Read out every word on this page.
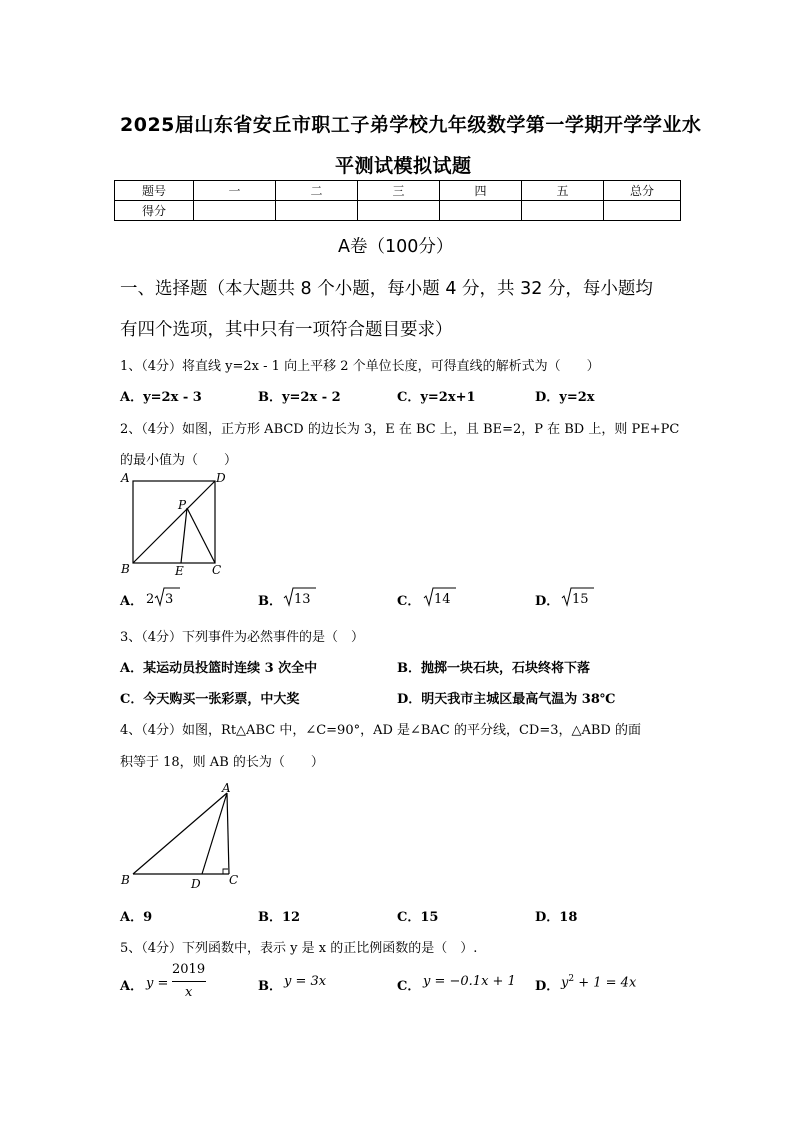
2025届山东省安丘市职工子弟学校九年级数学第一学期开学学业水
平测试模拟试题
题号	一	二	三	四	五	总分
得分						
A卷（100分）
一、选择题（本大题共 8 个小题，每小题 4 分，共 32 分，每小题均
有四个选项，其中只有一项符合题目要求）
1、（4分）将直线 y=2x - 1 向上平移 2 个单位长度，可得直线的解析式为（　　）
A．y=2x - 3	B．y=2x - 2	C．y=2x+1	D．y=2x
2、（4分）如图，正方形 ABCD 的边长为 3，E 在 BC 上，且 BE=2，P 在 BD 上，则 PE+PC
的最小值为（　　）
A	D
P
B	E C
A． 2 3	B． 13	C． 14	D． 15
3、（4分）下列事件为必然事件的是（　）
A．某运动员投篮时连续 3 次全中	B．抛掷一块石块，石块终将下落
C．今天购买一张彩票，中大奖	D．明天我市主城区最高气温为 38℃
4、（4分）如图，Rt△ABC 中，∠C=90°，AD 是∠BAC 的平分线，CD=3，△ABD 的面
积等于 18，则 AB 的长为（　　）
A
B	D C
A．9	B．12	C．15	D．18
5、（4分）下列函数中，表示 y 是 x 的正比例函数的是（　）.
A． y =
2019
x	B． y = 3x	C． y = −0.1x + 1 D． $y^2 + 1 = 4x$
